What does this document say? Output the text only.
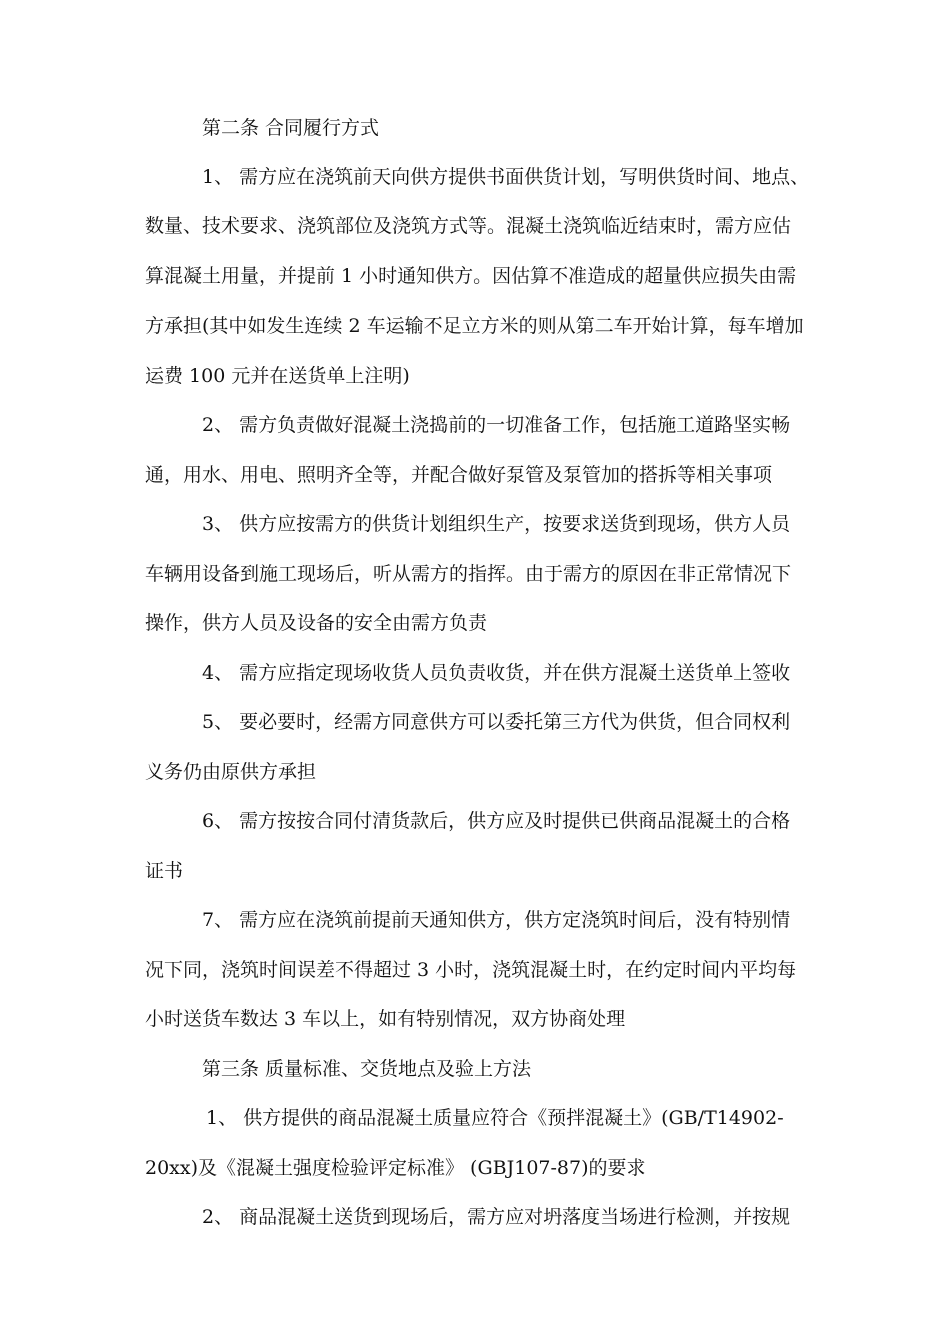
第二条 合同履行方式
1、 需方应在浇筑前天向供方提供书面供货计划，写明供货时间、地点、
数量、技术要求、浇筑部位及浇筑方式等。混凝土浇筑临近结束时，需方应估
算混凝土用量，并提前 1 小时通知供方。因估算不准造成的超量供应损失由需
方承担(其中如发生连续 2 车运输不足立方米的则从第二车开始计算，每车增加
运费 100 元并在送货单上注明)
2、 需方负责做好混凝土浇捣前的一切准备工作，包括施工道路坚实畅
通，用水、用电、照明齐全等，并配合做好泵管及泵管加的搭拆等相关事项
3、 供方应按需方的供货计划组织生产，按要求送货到现场，供方人员
车辆用设备到施工现场后，听从需方的指挥。由于需方的原因在非正常情况下
操作，供方人员及设备的安全由需方负责
4、 需方应指定现场收货人员负责收货，并在供方混凝土送货单上签收
5、 要必要时，经需方同意供方可以委托第三方代为供货，但合同权利
义务仍由原供方承担
6、 需方按按合同付清货款后，供方应及时提供已供商品混凝土的合格
证书
7、 需方应在浇筑前提前天通知供方，供方定浇筑时间后，没有特别情
况下同，浇筑时间误差不得超过 3 小时，浇筑混凝土时，在约定时间内平均每
小时送货车数达 3 车以上，如有特别情况，双方协商处理
第三条 质量标准、交货地点及验上方法
1、 供方提供的商品混凝土质量应符合《预拌混凝土》(GB/T14902-
20xx)及《混凝土强度检验评定标准》 (GBJ107-87)的要求
2、 商品混凝土送货到现场后，需方应对坍落度当场进行检测，并按规
